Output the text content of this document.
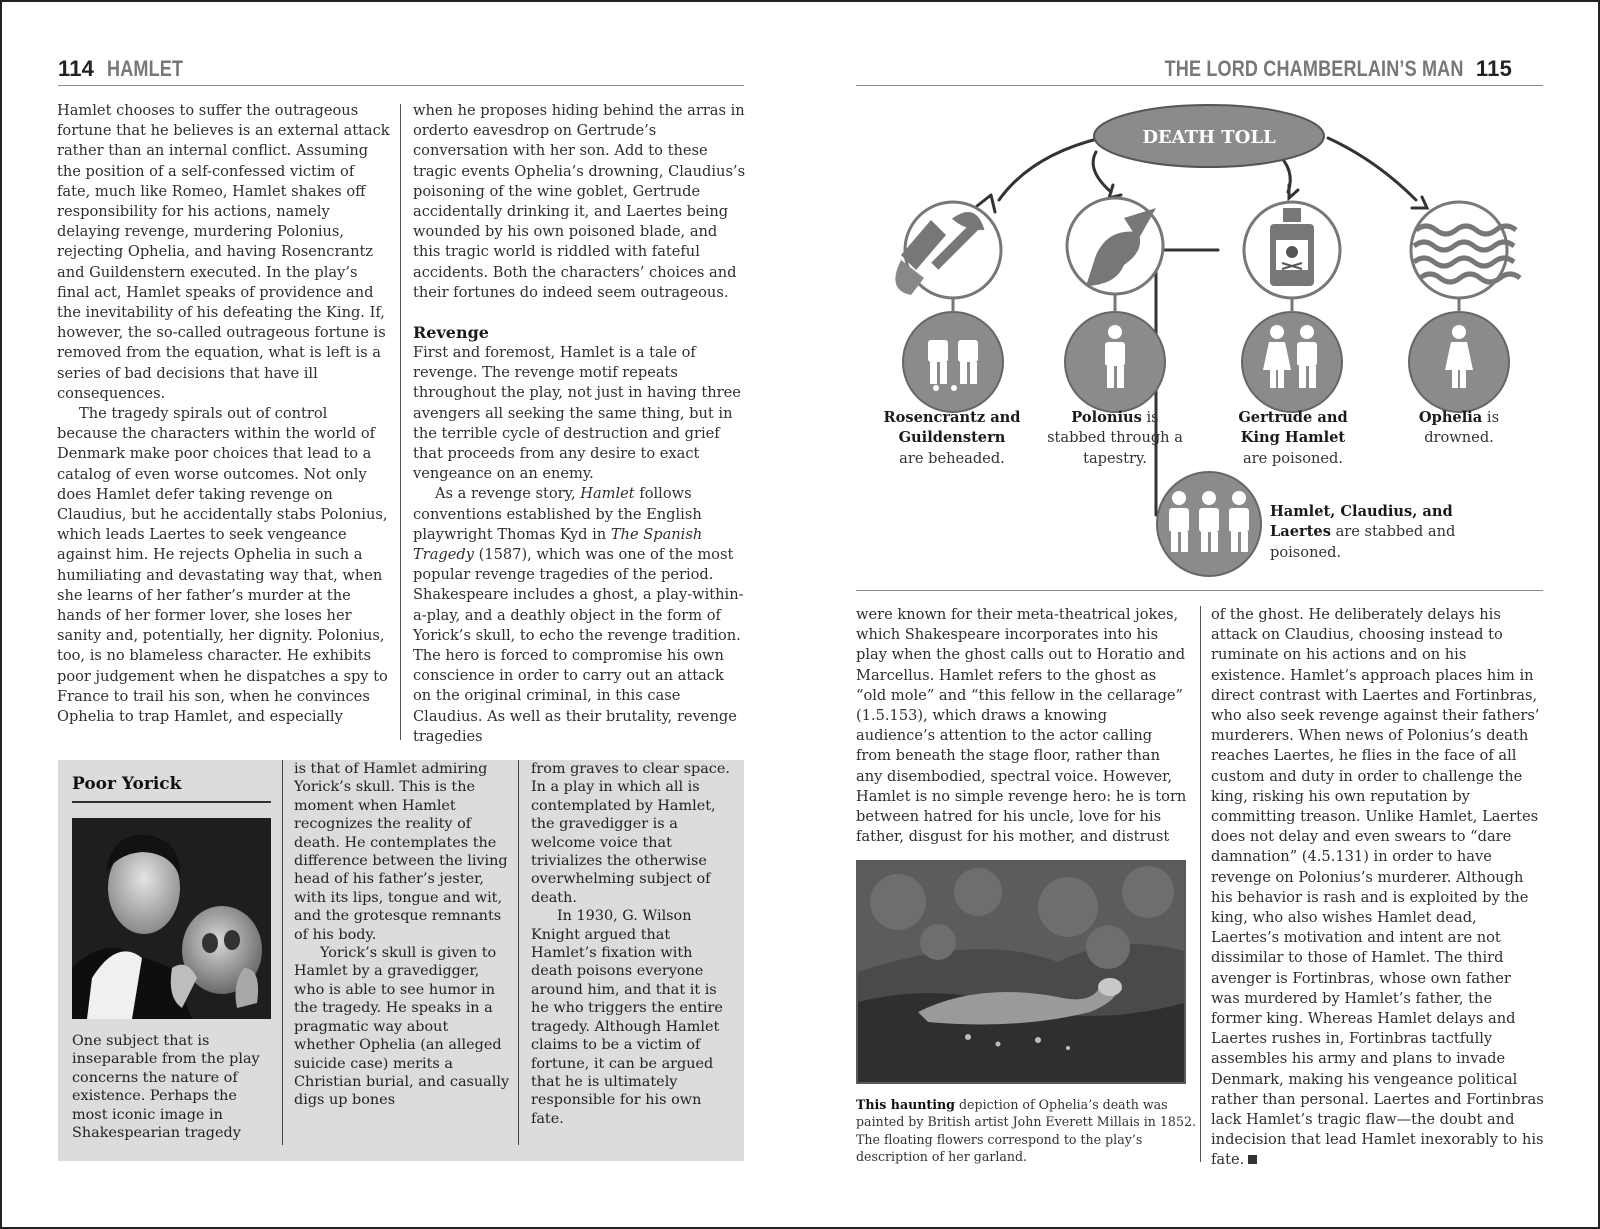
114 HAMLET	THE LORD CHAMBERLAIN’S MAN 115

Hamlet chooses to suffer the outrageous fortune that he believes is an external attack rather than an internal conflict. Assuming the position of a self-confessed victim of fate, much like Romeo, Hamlet shakes off responsibility for his actions, namely delaying revenge, murdering Polonius, rejecting Ophelia, and having Rosencrantz and Guildenstern executed. In the play’s final act, Hamlet speaks of providence and the inevitability of his defeating the King. If, however, the so-called outrageous fortune is removed from the equation, what is left is a series of bad decisions that have ill consequences.

The tragedy spirals out of control because the characters within the world of Denmark make poor choices that lead to a catalog of even worse outcomes. Not only does Hamlet defer taking revenge on Claudius, but he accidentally stabs Polonius, which leads Laertes to seek vengeance against him. He rejects Ophelia in such a humiliating and devastating way that, when she learns of her father’s murder at the hands of her former lover, she loses her sanity and, potentially, her dignity. Polonius, too, is no blameless character. He exhibits poor judgement when he dispatches a spy to France to trail his son, when he convinces Ophelia to trap Hamlet, and especially

when he proposes hiding behind the arras in orderto eavesdrop on Gertrude’s conversation with her son. Add to these tragic events Ophelia’s drowning, Claudius’s poisoning of the wine goblet, Gertrude accidentally drinking it, and Laertes being wounded by his own poisoned blade, and this tragic world is riddled with fateful accidents. Both the characters’ choices and their fortunes do indeed seem outrageous.

Revenge

First and foremost, Hamlet is a tale of revenge. The revenge motif repeats throughout the play, not just in having three avengers all seeking the same thing, but in the terrible cycle of destruction and grief that proceeds from any desire to exact vengeance on an enemy.

As a revenge story, Hamlet follows conventions established by the English playwright Thomas Kyd in The Spanish Tragedy (1587), which was one of the most popular revenge tragedies of the period. Shakespeare includes a ghost, a play-within-a-play, and a deathly object in the form of Yorick’s skull, to echo the revenge tradition. The hero is forced to compromise his own conscience in order to carry out an attack on the original criminal, in this case Claudius. As well as their brutality, revenge tragedies

Poor Yorick

One subject that is inseparable from the play concerns the nature of existence. Perhaps the most iconic image in Shakespearian tragedy

is that of Hamlet admiring Yorick’s skull. This is the moment when Hamlet recognizes the reality of death. He contemplates the difference between the living head of his father’s jester, with its lips, tongue and wit, and the grotesque remnants of his body.

Yorick’s skull is given to Hamlet by a gravedigger, who is able to see humor in the tragedy. He speaks in a pragmatic way about whether Ophelia (an alleged suicide case) merits a Christian burial, and casually digs up bones

from graves to clear space. In a play in which all is contemplated by Hamlet, the gravedigger is a welcome voice that trivializes the otherwise overwhelming subject of death.

In 1930, G. Wilson Knight argued that Hamlet’s fixation with death poisons everyone around him, and that it is he who triggers the entire tragedy. Although Hamlet claims to be a victim of fortune, it can be argued that he is ultimately responsible for his own fate.

DEATH TOLL
Rosencrantz and Guildenstern
are beheaded.
Polonius is stabbed through a tapestry.
Gertrude and King Hamlet
are poisoned.
Ophelia is drowned.
Hamlet, Claudius, and Laertes are stabbed and poisoned.

were known for their meta-theatrical jokes, which Shakespeare incorporates into his play when the ghost calls out to Horatio and Marcellus. Hamlet refers to the ghost as “old mole” and “this fellow in the cellarage” (1.5.153), which draws a knowing audience’s attention to the actor calling from beneath the stage floor, rather than any disembodied, spectral voice. However, Hamlet is no simple revenge hero: he is torn between hatred for his uncle, love for his father, disgust for his mother, and distrust

This haunting depiction of Ophelia’s death was painted by British artist John Everett Millais in 1852. The floating flowers correspond to the play’s description of her garland.

of the ghost. He deliberately delays his attack on Claudius, choosing instead to ruminate on his actions and on his existence. Hamlet’s approach places him in direct contrast with Laertes and Fortinbras, who also seek revenge against their fathers’ murderers. When news of Polonius’s death reaches Laertes, he flies in the face of all custom and duty in order to challenge the king, risking his own reputation by committing treason. Unlike Hamlet, Laertes does not delay and even swears to “dare damnation” (4.5.131) in order to have revenge on Polonius’s murderer. Although his behavior is rash and is exploited by the king, who also wishes Hamlet dead, Laertes’s motivation and intent are not dissimilar to those of Hamlet. The third avenger is Fortinbras, whose own father was murdered by Hamlet’s father, the former king. Whereas Hamlet delays and Laertes rushes in, Fortinbras tactfully assembles his army and plans to invade Denmark, making his vengeance political rather than personal. Laertes and Fortinbras lack Hamlet’s tragic flaw—the doubt and indecision that lead Hamlet inexorably to his fate.
